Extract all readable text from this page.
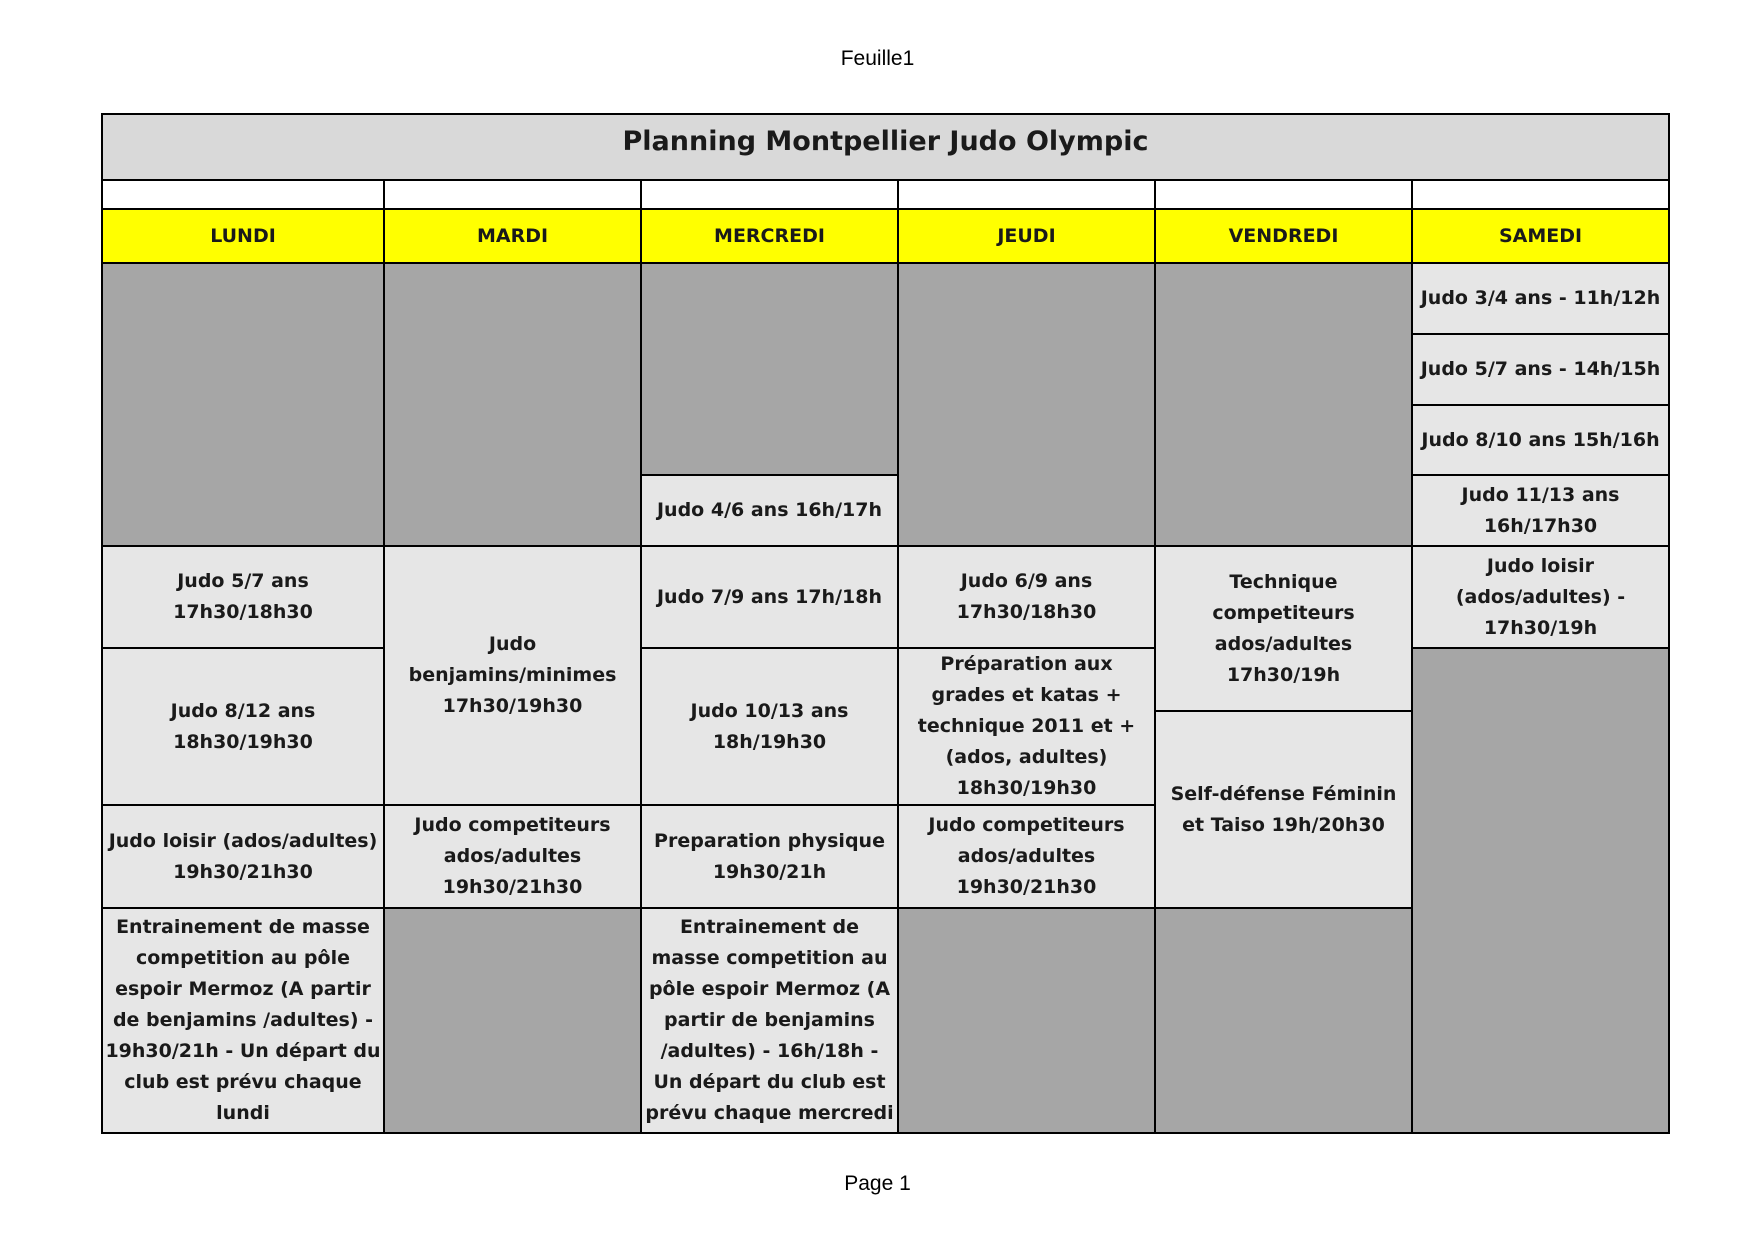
Feuille1
Planning Montpellier Judo Olympic					

LUNDI	MARDI	MERCREDI	JEUDI	VENDREDI	SAMEDI
					Judo 3/4 ans - 11h/12h
					Judo 5/7 ans - 14h/15h
					Judo 8/10 ans 15h/16h
		Judo 4/6 ans 16h/17h			Judo 11/13 ans 16h/17h30
Judo 5/7 ans 17h30/18h30	Judo benjamins/minimes 17h30/19h30	Judo 7/9 ans 17h/18h	Judo 6/9 ans 17h30/18h30	Technique competiteurs ados/adultes 17h30/19h	Judo loisir (ados/adultes) - 17h30/19h
Judo 8/12 ans 18h30/19h30		Judo 10/13 ans 18h/19h30	Préparation aux grades et katas + technique 2011 et + (ados, adultes) 18h30/19h30		
				Self-défense Féminin et Taiso 19h/20h30	
Judo loisir (ados/adultes) 19h30/21h30	Judo competiteurs ados/adultes 19h30/21h30	Preparation physique 19h30/21h	Judo competiteurs ados/adultes 19h30/21h30		
Entrainement de masse competition au pôle espoir Mermoz (A partir de benjamins /adultes) - 19h30/21h - Un départ du club est prévu chaque lundi		Entrainement de masse competition au pôle espoir Mermoz (A partir de benjamins /adultes) - 16h/18h - Un départ du club est prévu chaque mercredi			
Page 1
